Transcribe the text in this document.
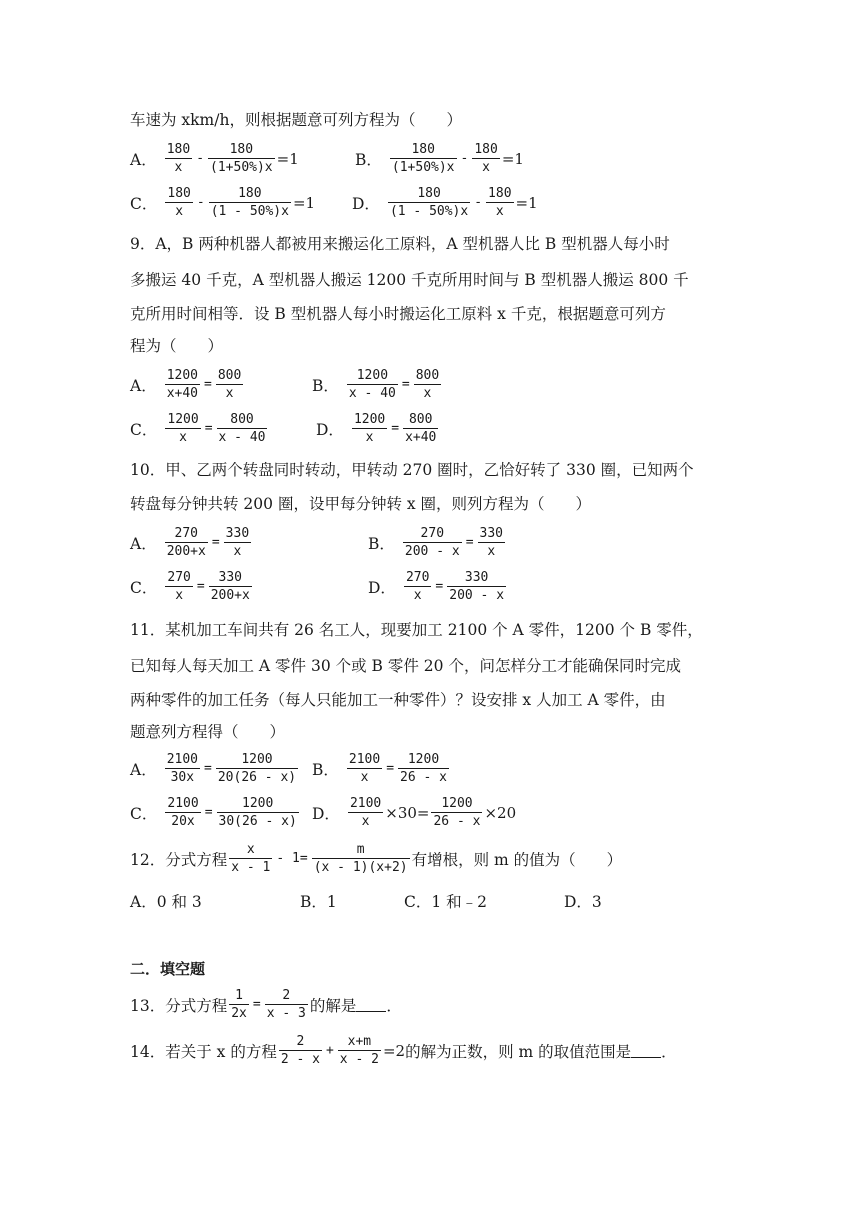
车速为 xkm/h，则根据题意可列方程为（　　）
A． $\frac{180}{x} - \frac{180}{(1+50\%)x} =1$	B． $\frac{180}{(1+50\%)x} - \frac{180}{x} =1$
C． $\frac{180}{x} - \frac{180}{(1 - 50\%)x} =1$ D． $\frac{180}{(1 - 50\%)x} - \frac{180}{x} =1$
9．A，B 两种机器人都被用来搬运化工原料，A 型机器人比 B 型机器人每小时
多搬运 40 千克，A 型机器人搬运 1200 千克所用时间与 B 型机器人搬运 800 千
克所用时间相等．设 B 型机器人每小时搬运化工原料 x 千克，根据题意可列方
程为（　　）
A． $\frac{1200}{x+40} = \frac{800}{x}$	B． $\frac{1200}{x - 40} = \frac{800}{x}$
C． $\frac{1200}{x} = \frac{800}{x - 40}$	D． $\frac{1200}{x} = \frac{800}{x+40}$
10．甲、乙两个转盘同时转动，甲转动 270 圈时，乙恰好转了 330 圈，已知两个
转盘每分钟共转 200 圈，设甲每分钟转 x 圈，则列方程为（　　）
A． $\frac{270}{200+x} = \frac{330}{x}$	B． $\frac{270}{200 - x} = \frac{330}{x}$
C． $\frac{270}{x} = \frac{330}{200+x}$	D． $\frac{270}{x} = \frac{330}{200 - x}$
11．某机加工车间共有 26 名工人，现要加工 2100 个 A 零件，1200 个 B 零件，
已知每人每天加工 A 零件 30 个或 B 零件 20 个，问怎样分工才能确保同时完成
两种零件的加工任务（每人只能加工一种零件）？设安排 x 人加工 A 零件，由
题意列方程得（　　）
A． $\frac{2100}{30x} = \frac{1200}{20(26 - x)}$ B． $\frac{2100}{x} = \frac{1200}{26 - x}$
C． $\frac{2100}{20x} = \frac{1200}{30(26 - x)}$ D． $\frac{2100}{x} \times 30= \frac{1200}{26 - x} \times 20$
12．分式方程 $\frac{x}{x - 1} - 1= \frac{m}{(x - 1)(x+2)}$ 有增根，则 m 的值为（　　）
A．0 和 3	B．1	C．1 和﹣2	D．3
二．填空题
13．分式方程 $\frac{1}{2x} = \frac{2}{x - 3}$ 的解是 ．
14．若关于 x 的方程 $\frac{2}{2 - x} + \frac{x+m}{x - 2} =2$ 的解为正数，则 m 的取值范围是 ．
